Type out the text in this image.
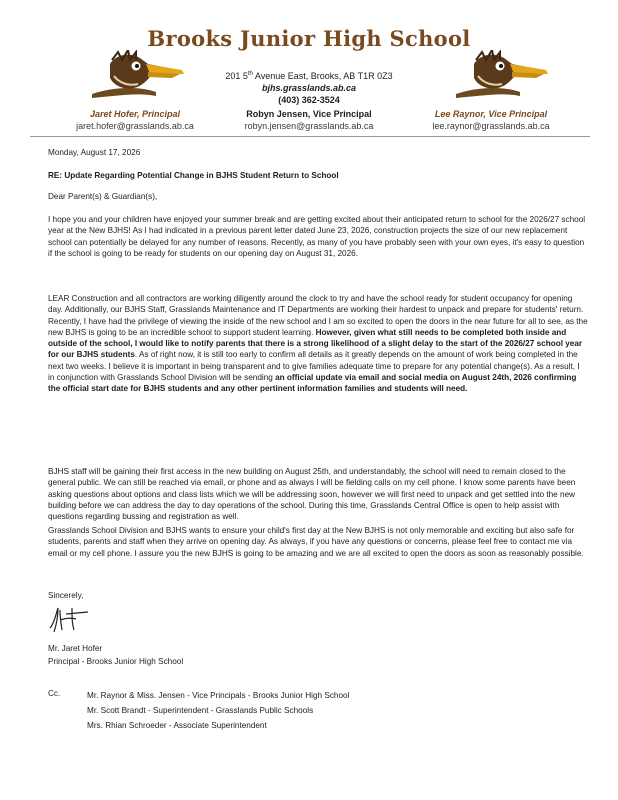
Brooks Junior High School
201 5th Avenue East, Brooks, AB T1R 0Z3
bjhs.grasslands.ab.ca
(403) 362-3524
Jaret Hofer, Principal
jaret.hofer@grasslands.ab.ca
Robyn Jensen, Vice Principal
robyn.jensen@grasslands.ab.ca
Lee Raynor, Vice Principal
lee.raynor@grasslands.ab.ca
Monday, August 17, 2026
RE: Update Regarding Potential Change in BJHS Student Return to School
Dear Parent(s) & Guardian(s),
I hope you and your children have enjoyed your summer break and are getting excited about their anticipated return to school for the 2026/27 school year at the New BJHS! As I had indicated in a previous parent letter dated June 23, 2026, construction projects the size of our new replacement school can potentially be delayed for any number of reasons. Recently, as many of you have probably seen with your own eyes, it's easy to question if the school is going to be ready for students on our opening day on August 31, 2026.
LEAR Construction and all contractors are working diligently around the clock to try and have the school ready for student occupancy for opening day. Additionally, our BJHS Staff, Grasslands Maintenance and IT Departments are working their hardest to unpack and prepare for students' return. Recently, I have had the privilege of viewing the inside of the new school and I am so excited to open the doors in the near future for all to see, as the new BJHS is going to be an incredible school to support student learning. However, given what still needs to be completed both inside and outside of the school, I would like to notify parents that there is a strong likelihood of a slight delay to the start of the 2026/27 school year for our BJHS students. As of right now, it is still too early to confirm all details as it greatly depends on the amount of work being completed in the next two weeks. I believe it is important in being transparent and to give families adequate time to prepare for any potential change(s). As a result, I in conjunction with Grasslands School Division will be sending an official update via email and social media on August 24th, 2026 confirming the official start date for BJHS students and any other pertinent information families and students will need.
BJHS staff will be gaining their first access in the new building on August 25th, and understandably, the school will need to remain closed to the general public. We can still be reached via email, or phone and as always I will be fielding calls on my cell phone. I know some parents have been asking questions about options and class lists which we will be addressing soon, however we will first need to unpack and get settled into the new building before we can address the day to day operations of the school. During this time, Grasslands Central Office is open to help assist with questions regarding bussing and registration as well.
Grasslands School Division and BJHS wants to ensure your child's first day at the New BJHS is not only memorable and exciting but also safe for students, parents and staff when they arrive on opening day. As always, if you have any questions or concerns, please feel free to contact me via email or my cell phone. I assure you the new BJHS is going to be amazing and we are all excited to open the doors as soon as reasonably possible.
Sincerely,
Mr. Jaret Hofer
Principal - Brooks Junior High School
Cc.	Mr. Raynor & Miss. Jensen - Vice Principals - Brooks Junior High School
Mr. Scott Brandt - Superintendent - Grasslands Public Schools
Mrs. Rhian Schroeder - Associate Superintendent
